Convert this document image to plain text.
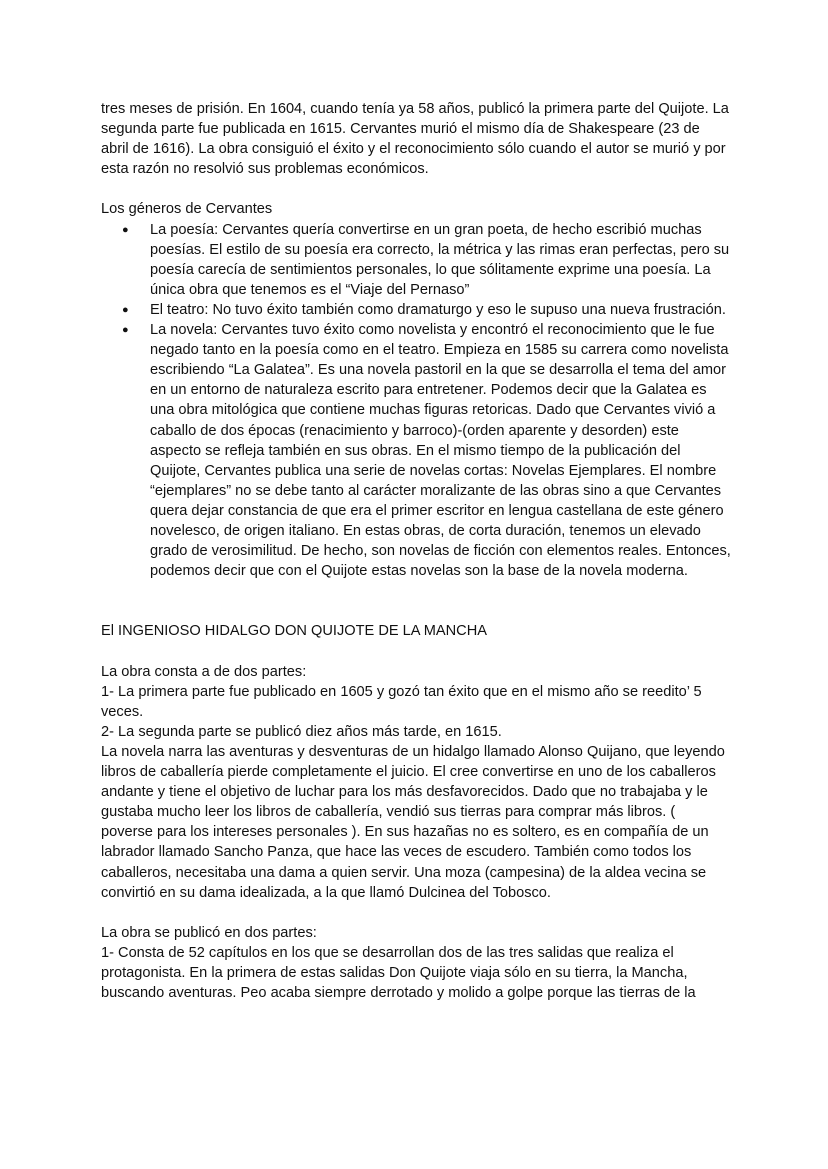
tres meses de prisión. En 1604, cuando tenía ya 58 años, publicó la primera parte del Quijote. La segunda parte fue publicada en 1615. Cervantes murió el mismo día de Shakespeare (23 de abril de 1616). La obra consiguió el éxito y el reconocimiento sólo cuando el autor se murió y por esta razón no resolvió sus problemas económicos.

Los géneros de Cervantes

● La poesía: Cervantes quería convertirse en un gran poeta, de hecho escribió muchas poesías. El estilo de su poesía era correcto, la métrica y las rimas eran perfectas, pero su poesía carecía de sentimientos personales, lo que sólitamente exprime una poesía. La única obra que tenemos es el “Viaje del Pernaso”
● El teatro: No tuvo éxito también como dramaturgo y eso le supuso una nueva frustración.
● La novela: Cervantes tuvo éxito como novelista y encontró el reconocimiento que le fue negado tanto en la poesía como en el teatro. Empieza en 1585 su carrera como novelista escribiendo “La Galatea”. Es una novela pastoril en la que se desarrolla el tema del amor en un entorno de naturaleza escrito para entretener. Podemos decir que la Galatea es una obra mitológica que contiene muchas figuras retoricas. Dado que Cervantes vivió a caballo de dos épocas (renacimiento y barroco)-(orden aparente y desorden) este aspecto se refleja también en sus obras. En el mismo tiempo de la publicación del Quijote, Cervantes publica una serie de novelas cortas: Novelas Ejemplares. El nombre “ejemplares” no se debe tanto al carácter moralizante de las obras sino a que Cervantes quera dejar constancia de que era el primer escritor en lengua castellana de este género novelesco, de origen italiano. En estas obras, de corta duración, tenemos un elevado grado de verosimilitud. De hecho, son novelas de ficción con elementos reales. Entonces, podemos decir que con el Quijote estas novelas son la base de la novela moderna.

El INGENIOSO HIDALGO DON QUIJOTE DE LA MANCHA

La obra consta a de dos partes:

1- La primera parte fue publicado en 1605 y gozó tan éxito que en el mismo año se reedito’ 5 veces.

2- La segunda parte se publicó diez años más tarde, en 1615.

La novela narra las aventuras y desventuras de un hidalgo llamado Alonso Quijano, que leyendo libros de caballería pierde completamente el juicio. El cree convertirse en uno de los caballeros andante y tiene el objetivo de luchar para los más desfavorecidos. Dado que no trabajaba y le gustaba mucho leer los libros de caballería, vendió sus tierras para comprar más libros. ( poverse para los intereses personales ). En sus hazañas no es soltero, es en compañía de un labrador llamado Sancho Panza, que hace las veces de escudero. También como todos los caballeros, necesitaba una dama a quien servir. Una moza (campesina) de la aldea vecina se convirtió en su dama idealizada, a la que llamó Dulcinea del Tobosco.

La obra se publicó en dos partes:

1- Consta de 52 capítulos en los que se desarrollan dos de las tres salidas que realiza el protagonista. En la primera de estas salidas Don Quijote viaja sólo en su tierra, la Mancha, buscando aventuras. Peo acaba siempre derrotado y molido a golpe porque las tierras de la
